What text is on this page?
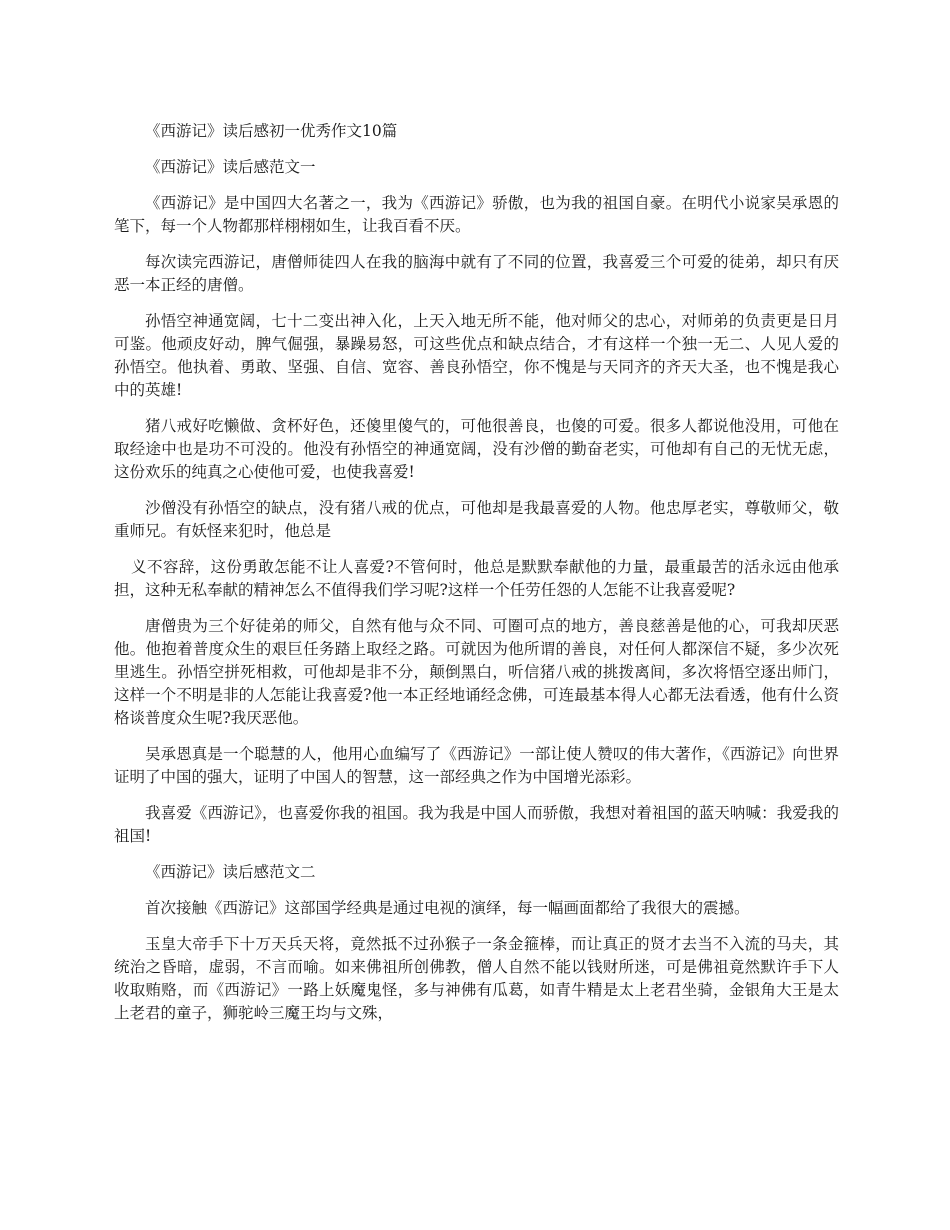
《西游记》读后感初一优秀作文10篇

《西游记》读后感范文一

《西游记》是中国四大名著之一，我为《西游记》骄傲，也为我的祖国自豪。在明代小说家吴承恩的笔下，每一个人物都那样栩栩如生，让我百看不厌。

每次读完西游记，唐僧师徒四人在我的脑海中就有了不同的位置，我喜爱三个可爱的徒弟，却只有厌恶一本正经的唐僧。

孙悟空神通宽阔，七十二变出神入化，上天入地无所不能，他对师父的忠心，对师弟的负责更是日月可鉴。他顽皮好动，脾气倔强，暴躁易怒，可这些优点和缺点结合，才有这样一个独一无二、人见人爱的孙悟空。他执着、勇敢、坚强、自信、宽容、善良孙悟空，你不愧是与天同齐的齐天大圣，也不愧是我心中的英雄!

猪八戒好吃懒做、贪杯好色，还傻里傻气的，可他很善良，也傻的可爱。很多人都说他没用，可他在取经途中也是功不可没的。他没有孙悟空的神通宽阔，没有沙僧的勤奋老实，可他却有自己的无忧无虑，这份欢乐的纯真之心使他可爱，也使我喜爱!

沙僧没有孙悟空的缺点，没有猪八戒的优点，可他却是我最喜爱的人物。他忠厚老实，尊敬师父，敬重师兄。有妖怪来犯时，他总是

义不容辞，这份勇敢怎能不让人喜爱?不管何时，他总是默默奉献他的力量，最重最苦的活永远由他承担，这种无私奉献的精神怎么不值得我们学习呢?这样一个任劳任怨的人怎能不让我喜爱呢?

唐僧贵为三个好徒弟的师父，自然有他与众不同、可圈可点的地方，善良慈善是他的心，可我却厌恶他。他抱着普度众生的艰巨任务踏上取经之路。可就因为他所谓的善良，对任何人都深信不疑，多少次死里逃生。孙悟空拼死相救，可他却是非不分，颠倒黑白，听信猪八戒的挑拨离间，多次将悟空逐出师门，这样一个不明是非的人怎能让我喜爱?他一本正经地诵经念佛，可连最基本得人心都无法看透，他有什么资格谈普度众生呢?我厌恶他。

吴承恩真是一个聪慧的人，他用心血编写了《西游记》一部让使人赞叹的伟大著作，《西游记》向世界证明了中国的强大，证明了中国人的智慧，这一部经典之作为中国增光添彩。

我喜爱《西游记》，也喜爱你我的祖国。我为我是中国人而骄傲，我想对着祖国的蓝天呐喊：我爱我的祖国!

《西游记》读后感范文二

首次接触《西游记》这部国学经典是通过电视的演绎，每一幅画面都给了我很大的震撼。

玉皇大帝手下十万天兵天将，竟然抵不过孙猴子一条金箍棒，而让真正的贤才去当不入流的马夫，其统治之昏暗，虚弱，不言而喻。如来佛祖所创佛教，僧人自然不能以钱财所迷，可是佛祖竟然默许手下人收取贿赂，而《西游记》一路上妖魔鬼怪，多与神佛有瓜葛，如青牛精是太上老君坐骑，金银角大王是太上老君的童子，狮驼岭三魔王均与文殊，
